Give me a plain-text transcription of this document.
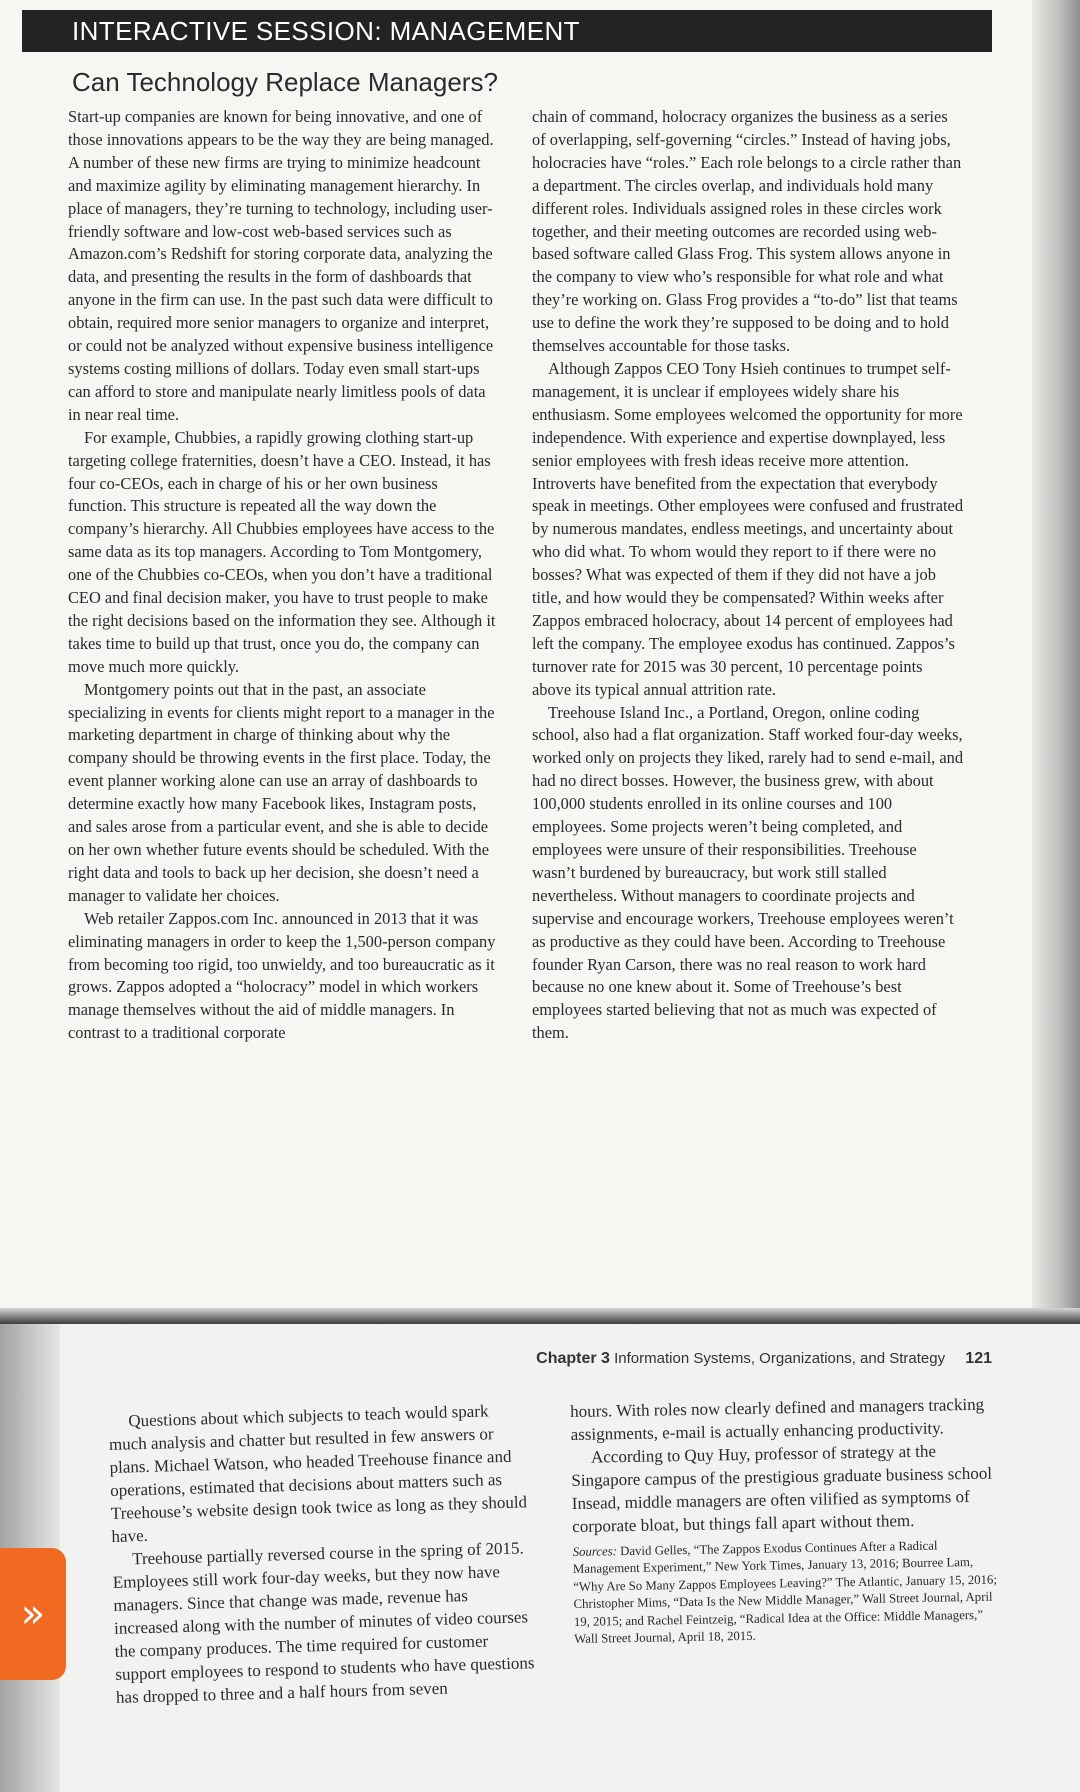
INTERACTIVE SESSION: MANAGEMENT
Can Technology Replace Managers?

Start-up companies are known for being innovative, and one of those innovations appears to be the way they are being managed. A number of these new firms are trying to minimize headcount and maximize agility by eliminating management hierarchy. In place of managers, they’re turning to technology, including user-friendly software and low-cost web-based services such as Amazon.com’s Redshift for storing corporate data, analyzing the data, and presenting the results in the form of dashboards that anyone in the firm can use. In the past such data were difficult to obtain, required more senior managers to organize and interpret, or could not be analyzed without expensive business intelligence systems costing millions of dollars. Today even small start-ups can afford to store and manipulate nearly limitless pools of data in near real time.

For example, Chubbies, a rapidly growing clothing start-up targeting college fraternities, doesn’t have a CEO. Instead, it has four co-CEOs, each in charge of his or her own business function. This structure is repeated all the way down the company’s hierarchy. All Chubbies employees have access to the same data as its top managers. According to Tom Montgomery, one of the Chubbies co-CEOs, when you don’t have a traditional CEO and final decision maker, you have to trust people to make the right decisions based on the information they see. Although it takes time to build up that trust, once you do, the company can move much more quickly.

Montgomery points out that in the past, an associate specializing in events for clients might report to a manager in the marketing department in charge of thinking about why the company should be throwing events in the first place. Today, the event planner working alone can use an array of dashboards to determine exactly how many Facebook likes, Instagram posts, and sales arose from a particular event, and she is able to decide on her own whether future events should be scheduled. With the right data and tools to back up her decision, she doesn’t need a manager to validate her choices.

Web retailer Zappos.com Inc. announced in 2013 that it was eliminating managers in order to keep the 1,500-person company from becoming too rigid, too unwieldy, and too bureaucratic as it grows. Zappos adopted a “holocracy” model in which workers manage themselves without the aid of middle managers. In contrast to a traditional corporate

chain of command, holocracy organizes the business as a series of overlapping, self-governing “circles.” Instead of having jobs, holocracies have “roles.” Each role belongs to a circle rather than a department. The circles overlap, and individuals hold many different roles. Individuals assigned roles in these circles work together, and their meeting outcomes are recorded using web-based software called Glass Frog. This system allows anyone in the company to view who’s responsible for what role and what they’re working on. Glass Frog provides a “to-do” list that teams use to define the work they’re supposed to be doing and to hold themselves accountable for those tasks.

Although Zappos CEO Tony Hsieh continues to trumpet self-management, it is unclear if employees widely share his enthusiasm. Some employees welcomed the opportunity for more independence. With experience and expertise downplayed, less senior employees with fresh ideas receive more attention. Introverts have benefited from the expectation that everybody speak in meetings. Other employees were confused and frustrated by numerous mandates, endless meetings, and uncertainty about who did what. To whom would they report to if there were no bosses? What was expected of them if they did not have a job title, and how would they be compensated? Within weeks after Zappos embraced holocracy, about 14 percent of employees had left the company. The employee exodus has continued. Zappos’s turnover rate for 2015 was 30 percent, 10 percentage points above its typical annual attrition rate.

Treehouse Island Inc., a Portland, Oregon, online coding school, also had a flat organization. Staff worked four-day weeks, worked only on projects they liked, rarely had to send e-mail, and had no direct bosses. However, the business grew, with about 100,000 students enrolled in its online courses and 100 employees. Some projects weren’t being completed, and employees were unsure of their responsibilities. Treehouse wasn’t burdened by bureaucracy, but work still stalled nevertheless. Without managers to coordinate projects and supervise and encourage workers, Treehouse employees weren’t as productive as they could have been. According to Treehouse founder Ryan Carson, there was no real reason to work hard because no one knew about it. Some of Treehouse’s best employees started believing that not as much was expected of them.

Chapter 3 Information Systems, Organizations, and Strategy 121

Questions about which subjects to teach would spark much analysis and chatter but resulted in few answers or plans. Michael Watson, who headed Treehouse finance and operations, estimated that decisions about matters such as Treehouse’s website design took twice as long as they should have.

Treehouse partially reversed course in the spring of 2015. Employees still work four-day weeks, but they now have managers. Since that change was made, revenue has increased along with the number of minutes of video courses the company produces. The time required for customer support employees to respond to students who have questions has dropped to three and a half hours from seven

hours. With roles now clearly defined and managers tracking assignments, e-mail is actually enhancing productivity.

According to Quy Huy, professor of strategy at the Singapore campus of the prestigious graduate business school Insead, middle managers are often vilified as symptoms of corporate bloat, but things fall apart without them.

Sources: David Gelles, “The Zappos Exodus Continues After a Radical Management Experiment,” New York Times, January 13, 2016; Bourree Lam, “Why Are So Many Zappos Employees Leaving?” The Atlantic, January 15, 2016; Christopher Mims, “Data Is the New Middle Manager,” Wall Street Journal, April 19, 2015; and Rachel Feintzeig, “Radical Idea at the Office: Middle Managers,” Wall Street Journal, April 18, 2015.

»
